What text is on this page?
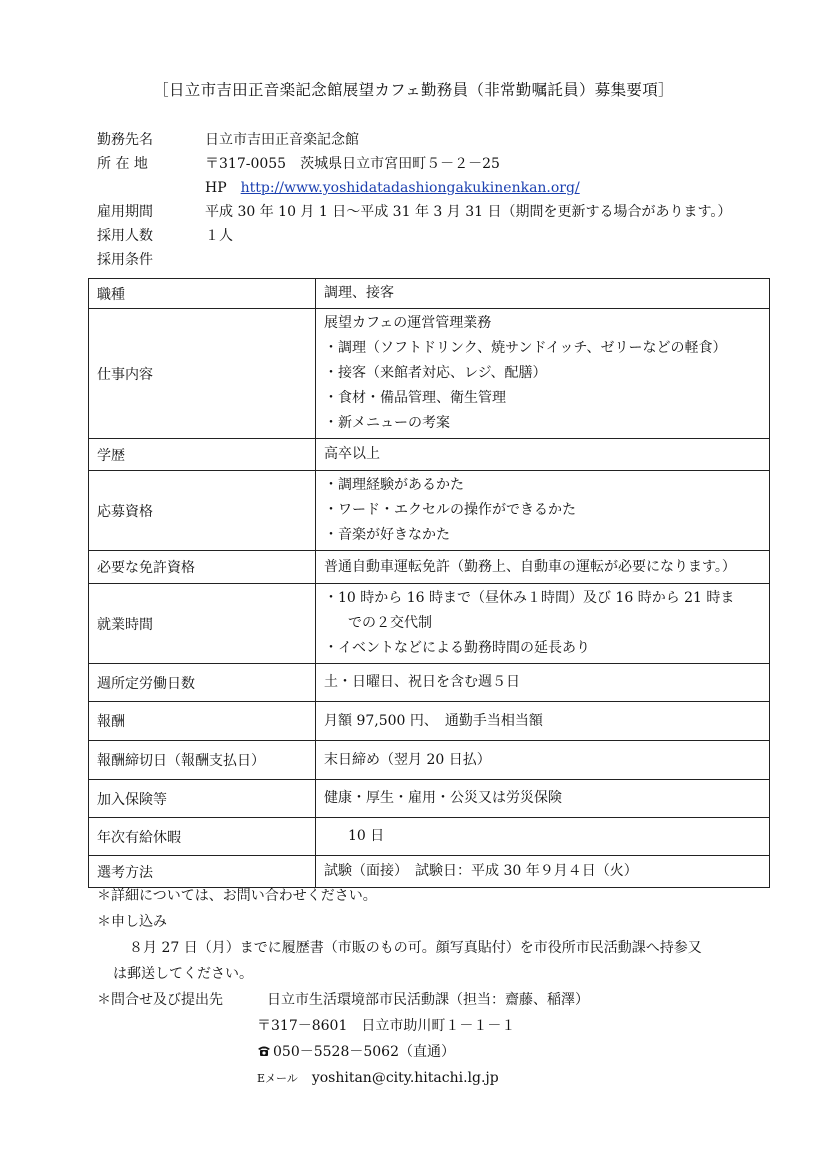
［日立市吉田正音楽記念館展望カフェ勤務員（非常勤嘱託員）募集要項］
勤務先名	日立市吉田正音楽記念館
所 在 地	〒317-0055　茨城県日立市宮田町５－２－25
HP http://www.yoshidatadashiongakukinenkan.org/
雇用期間	平成 30 年 10 月 1 日～平成 31 年 3 月 31 日（期間を更新する場合があります。）
採用人数	１人
採用条件
職種	調理、接客

仕事内容	展望カフェの運営管理業務
・調理（ソフトドリンク、焼サンドイッチ、ゼリーなどの軽食）
・接客（来館者対応、レジ、配膳）
・食材・備品管理、衛生管理
・新メニューの考案

学歴	高卒以上

応募資格	・調理経験があるかた
・ワード・エクセルの操作ができるかた
・音楽が好きなかた

必要な免許資格	普通自動車運転免許（勤務上、自動車の運転が必要になります。）

就業時間	・10 時から 16 時まで（昼休み１時間）及び 16 時から 21 時ま
での２交代制
・イベントなどによる勤務時間の延長あり

週所定労働日数	土・日曜日、祝日を含む週５日

報酬	月額 97,500 円、　通勤手当相当額

報酬締切日（報酬支払日）	末日締め（翌月 20 日払）

加入保険等	健康・厚生・雇用・公災又は労災保険

年次有給休暇	10 日

選考方法	試験（面接）　試験日：平成 30 年９月４日（火）
＊詳細については、お問い合わせください。
＊申し込み
８月 27 日（月）までに履歴書（市販のもの可。顔写真貼付）を市役所市民活動課へ持参又
は郵送してください。
＊問合せ及び提出先	日立市生活環境部市民活動課（担当：齋藤、稲澤）
〒317－8601　日立市助川町１－１－１
050－5528－5062（直通）
Eメール yoshitan@city.hitachi.lg.jp
